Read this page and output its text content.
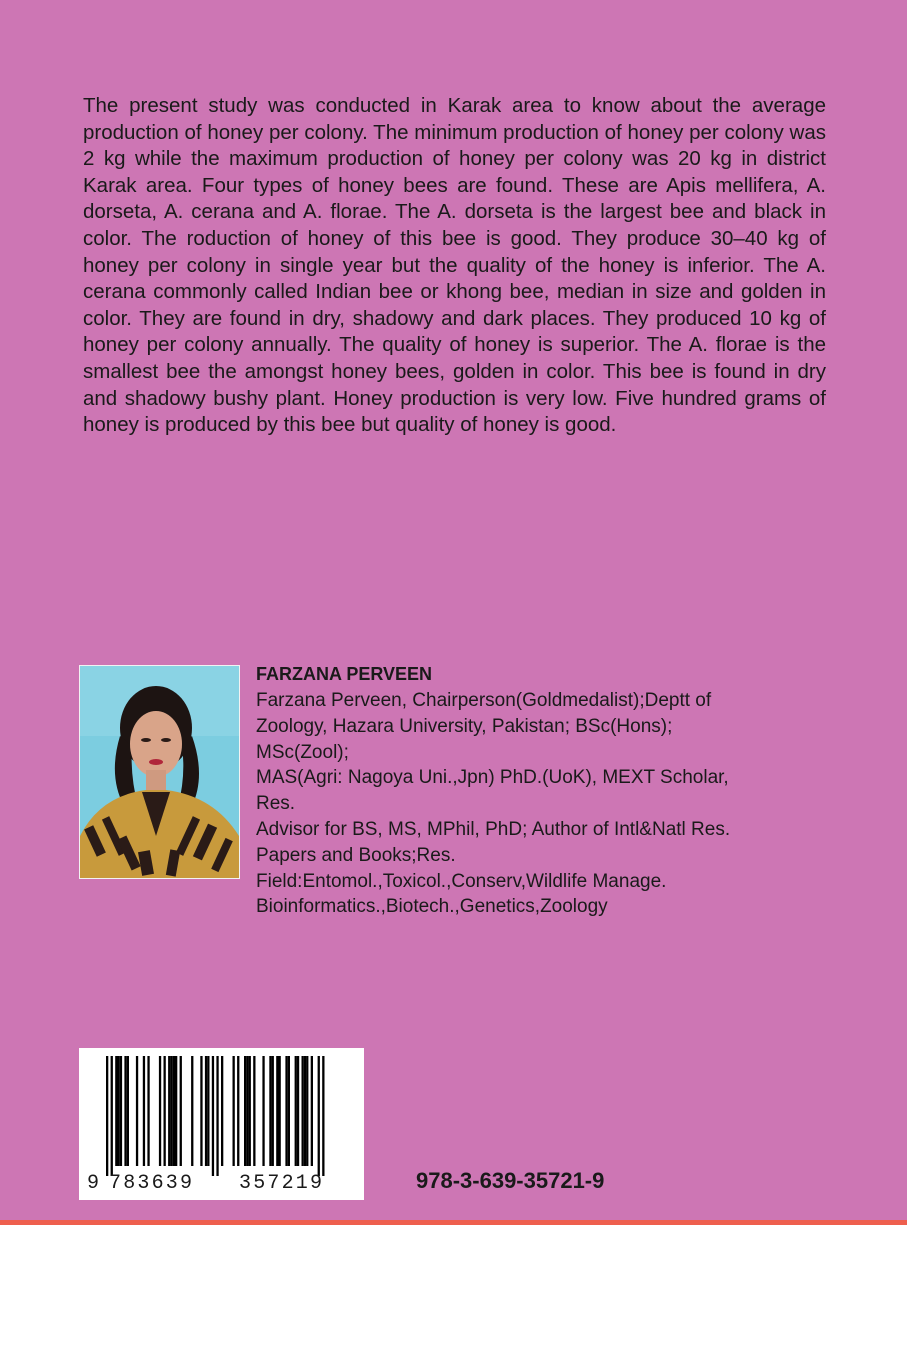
The present study was conducted in Karak area to know about the average production of honey per colony. The minimum production of honey per colony was 2 kg while the maximum production of honey per colony was 20 kg in district Karak area. Four types of honey bees are found. These are Apis mellifera, A. dorseta, A. cerana and A. florae. The A. dorseta is the largest bee and black in color. The roduction of honey of this bee is good. They produce 30–40 kg of honey per colony in single year but the quality of the honey is inferior. The A. cerana commonly called Indian bee or khong bee, median in size and golden in color. They are found in dry, shadowy and dark places. They produced 10 kg of honey per colony annually. The quality of honey is superior. The A. florae is the smallest bee the amongst honey bees, golden in color. This bee is found in dry and shadowy bushy plant. Honey production is very low. Five hundred grams of honey is produced by this bee but quality of honey is good.

FARZANA PERVEEN

Farzana Perveen, Chairperson(Goldmedalist);Deptt of
Zoology, Hazara University, Pakistan; BSc(Hons); MSc(Zool);
MAS(Agri: Nagoya Uni.,Jpn) PhD.(UoK), MEXT Scholar, Res.
Advisor for BS, MS, MPhil, PhD; Author of Intl&Natl Res.
Papers and Books;Res.
Field:Entomol.,Toxicol.,Conserv,Wildlife Manage.
Bioinformatics.,Biotech.,Genetics,Zoology
9 783639 357219	978-3-639-35721-9
